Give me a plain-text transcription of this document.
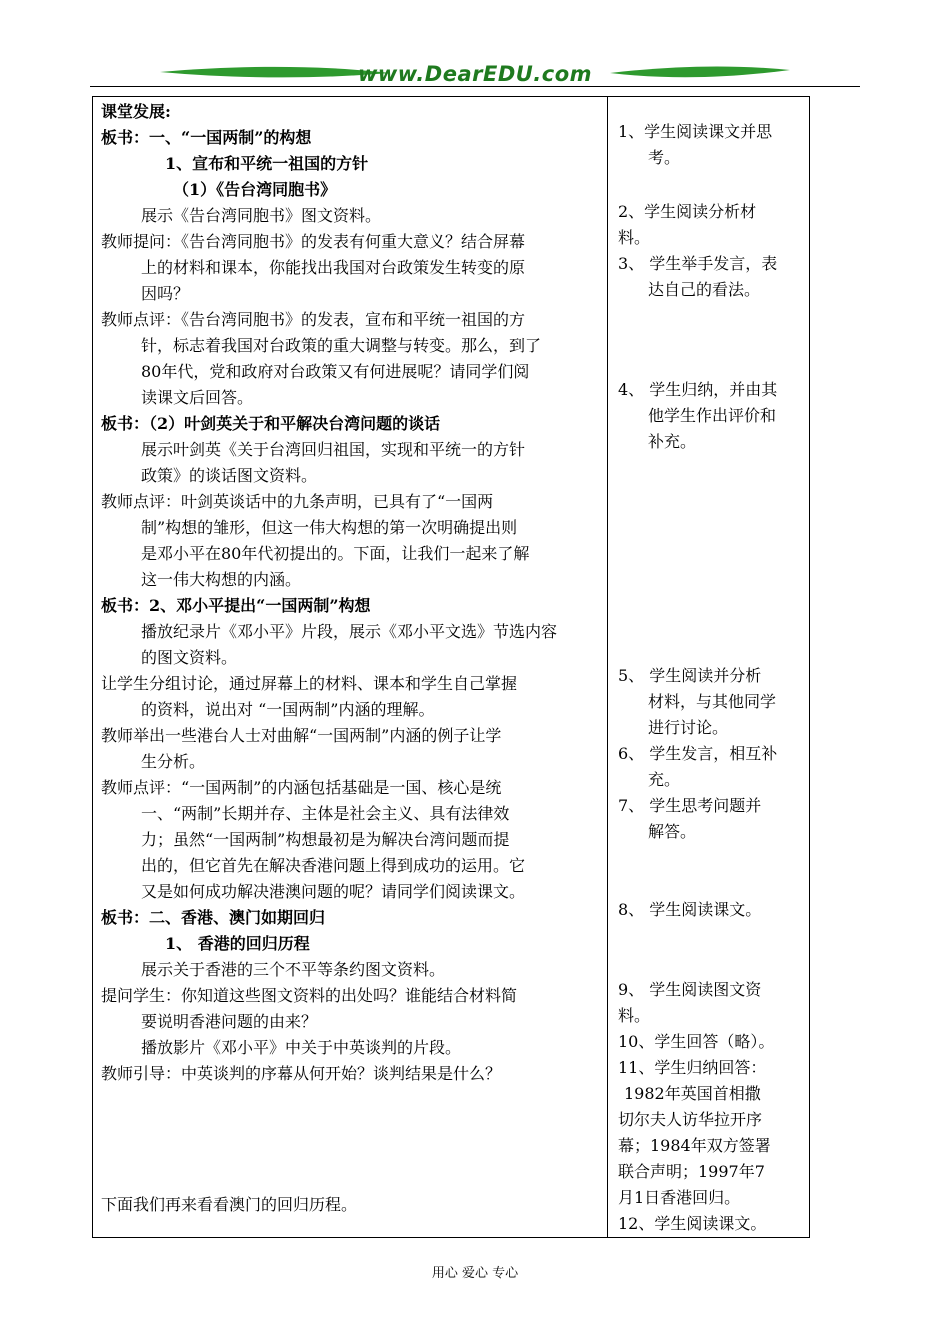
www.DearEDU.com
课堂发展:
板书：一、“一国两制”的构想
1、宣布和平统一祖国的方针
（1）《告台湾同胞书》
展示《告台湾同胞书》图文资料。
教师提问：《告台湾同胞书》的发表有何重大意义？结合屏幕
上的材料和课本，你能找出我国对台政策发生转变的原
因吗？
教师点评：《告台湾同胞书》的发表，宣布和平统一祖国的方
针，标志着我国对台政策的重大调整与转变。那么，到了
80年代，党和政府对台政策又有何进展呢？请同学们阅
读课文后回答。
板书：（2）叶剑英关于和平解决台湾问题的谈话
展示叶剑英《关于台湾回归祖国，实现和平统一的方针
政策》的谈话图文资料。
教师点评：叶剑英谈话中的九条声明，已具有了“一国两
制”构想的雏形，但这一伟大构想的第一次明确提出则
是邓小平在80年代初提出的。下面，让我们一起来了解
这一伟大构想的内涵。
板书：2、邓小平提出“一国两制”构想
播放纪录片《邓小平》片段，展示《邓小平文选》节选内容
的图文资料。
让学生分组讨论，通过屏幕上的材料、课本和学生自己掌握
的资料，说出对 “一国两制”内涵的理解。
教师举出一些港台人士对曲解“一国两制”内涵的例子让学
生分析。
教师点评：“一国两制”的内涵包括基础是一国、核心是统
一、“两制”长期并存、主体是社会主义、具有法律效
力；虽然“一国两制”构想最初是为解决台湾问题而提
出的，但它首先在解决香港问题上得到成功的运用。它
又是如何成功解决港澳问题的呢？请同学们阅读课文。
板书：二、香港、澳门如期回归
1、 香港的回归历程
展示关于香港的三个不平等条约图文资料。
提问学生：你知道这些图文资料的出处吗？谁能结合材料简
要说明香港问题的由来？
播放影片《邓小平》中关于中英谈判的片段。
教师引导：中英谈判的序幕从何开始？谈判结果是什么？
下面我们再来看看澳门的回归历程。

1、学生阅读课文并思
考。
2、学生阅读分析材
料。
3、 学生举手发言，表
达自己的看法。
4、 学生归纳，并由其
他学生作出评价和
补充。
5、 学生阅读并分析
材料，与其他同学
进行讨论。
6、 学生发言，相互补
充。
7、 学生思考问题并
解答。
8、 学生阅读课文。
9、 学生阅读图文资
料。
10、学生回答（略）。
11、学生归纳回答：
1982年英国首相撒
切尔夫人访华拉开序
幕；1984年双方签署
联合声明；1997年7
月1日香港回归。
12、学生阅读课文。
用心 爱心 专心
